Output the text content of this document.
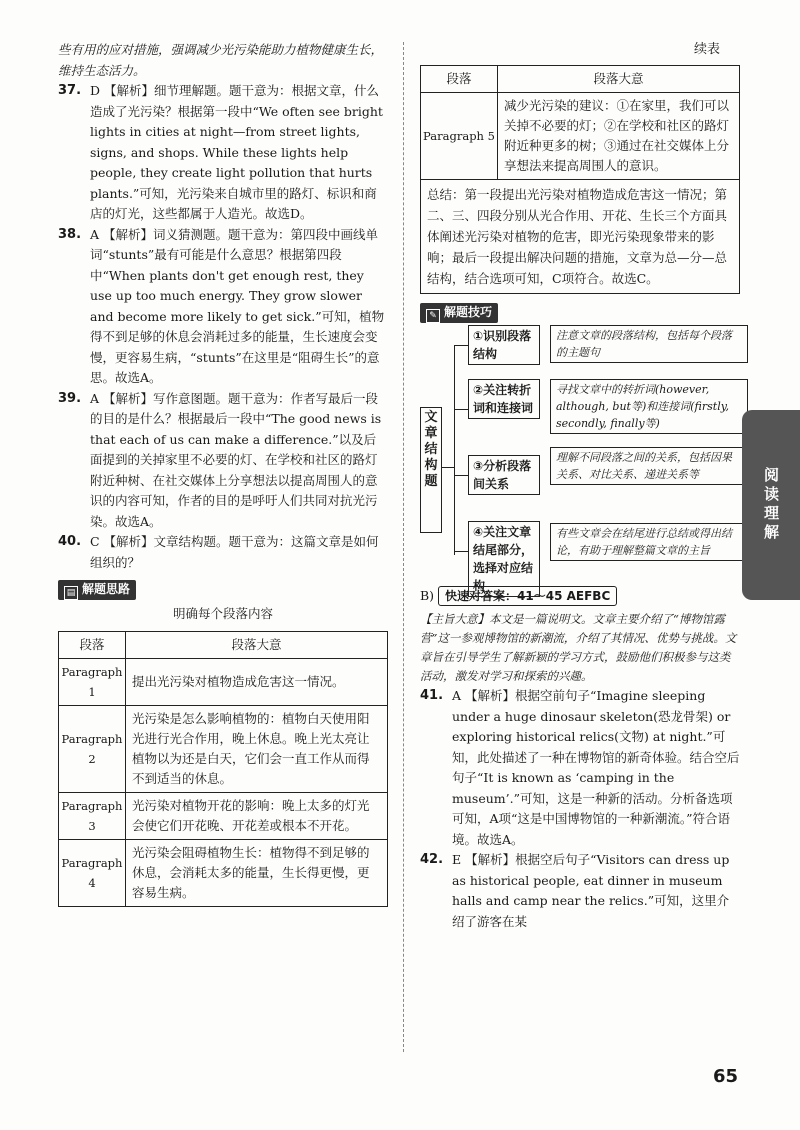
些有用的应对措施，强调减少光污染能助力植物健康生长，维持生态活力。

37. D 【解析】细节理解题。题干意为：根据文章，什么造成了光污染？根据第一段中“We often see bright lights in cities at night—from street lights, signs, and shops. While these lights help people, they create light pollution that hurts plants.”可知，光污染来自城市里的路灯、标识和商店的灯光，这些都属于人造光。故选D。
38. A 【解析】词义猜测题。题干意为：第四段中画线单词“stunts”最有可能是什么意思？根据第四段中“When plants don't get enough rest, they use up too much energy. They grow slower and become more likely to get sick.”可知，植物得不到足够的休息会消耗过多的能量，生长速度会变慢，更容易生病，“stunts”在这里是“阻碍生长”的意思。故选A。
39. A 【解析】写作意图题。题干意为：作者写最后一段的目的是什么？根据最后一段中“The good news is that each of us can make a difference.”以及后面提到的关掉家里不必要的灯、在学校和社区的路灯附近种树、在社交媒体上分享想法以提高周围人的意识的内容可知，作者的目的是呼吁人们共同对抗光污染。故选A。
40. C 【解析】文章结构题。题干意为：这篇文章是如何组织的？
▤ 解题思路

明确每个段落内容

段落	段落大意
Paragraph 1	提出光污染对植物造成危害这一情况。
Paragraph 2	光污染是怎么影响植物的：植物白天使用阳光进行光合作用，晚上休息。晚上光太亮让植物以为还是白天，它们会一直工作从而得不到适当的休息。
Paragraph 3	光污染对植物开花的影响：晚上太多的灯光会使它们开花晚、开花差或根本不开花。
Paragraph 4	光污染会阻碍植物生长：植物得不到足够的休息，会消耗太多的能量，生长得更慢，更容易生病。

续表

段落	段落大意
Paragraph 5	减少光污染的建议：①在家里，我们可以关掉不必要的灯；②在学校和社区的路灯附近种更多的树；③通过在社交媒体上分享想法来提高周围人的意识。
总结：第一段提出光污染对植物造成危害这一情况；第二、三、四段分别从光合作用、开花、生长三个方面具体阐述光污染对植物的危害，即光污染现象带来的影响；最后一段提出解决问题的措施，文章为总—分—总结构，结合选项可知，C项符合。故选C。
✎ 解题技巧
文章结构题
①识别段落结构
注意文章的段落结构，包括每个段落的主题句
②关注转折词和连接词
寻找文章中的转折词(however, although, but等)和连接词(firstly, secondly, finally等)
③分析段落间关系
理解不同段落之间的关系，包括因果关系、对比关系、递进关系等
④关注文章结尾部分，选择对应结构
有些文章会在结尾进行总结或得出结论，有助于理解整篇文章的主旨

B) 快速对答案：41～45 AEFBC

【主旨大意】本文是一篇说明文。文章主要介绍了“博物馆露营”这一参观博物馆的新潮流，介绍了其情况、优势与挑战。文章旨在引导学生了解新颖的学习方式，鼓励他们积极参与这类活动，激发对学习和探索的兴趣。

41. A 【解析】根据空前句子“Imagine sleeping under a huge dinosaur skeleton(恐龙骨架) or exploring historical relics(文物) at night.”可知，此处描述了一种在博物馆的新奇体验。结合空后句子“It is known as ‘camping in the museum’.”可知，这是一种新的活动。分析备选项可知，A项“这是中国博物馆的一种新潮流。”符合语境。故选A。
42. E 【解析】根据空后句子“Visitors can dress up as historical people, eat dinner in museum halls and camp near the relics.”可知，这里介绍了游客在某
阅读理解
65
